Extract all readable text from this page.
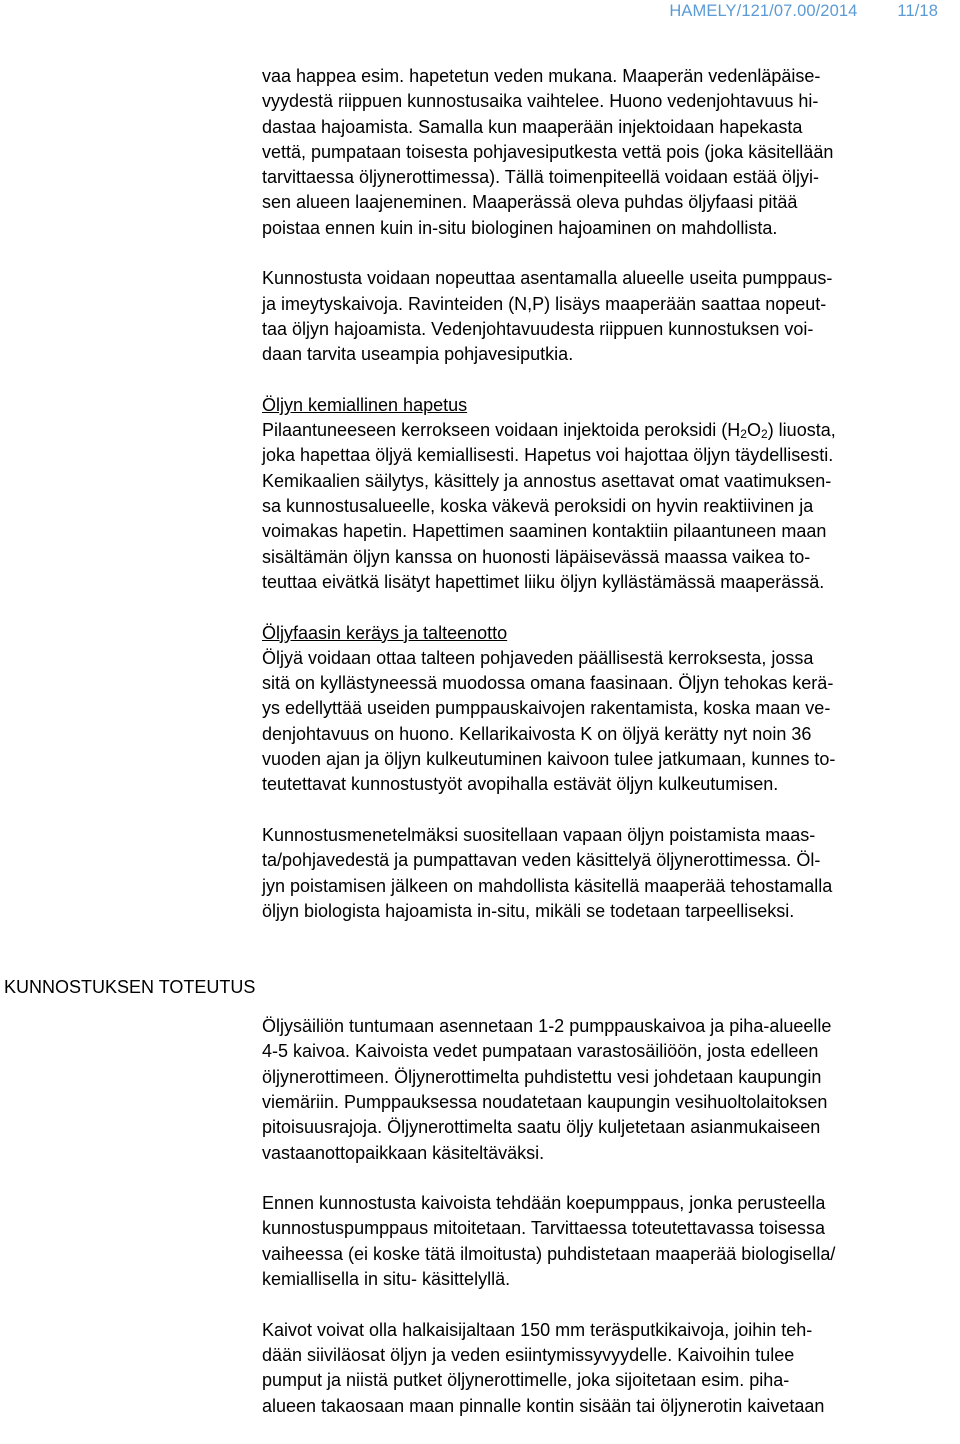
HAMELY/121/07.00/2014 11/18
KUNNOSTUKSEN TOTEUTUS
vaa happea esim. hapetetun veden mukana. Maaperän vedenläpäise-
vyydestä riippuen kunnostusaika vaihtelee. Huono vedenjohtavuus hi-
dastaa hajoamista. Samalla kun maaperään injektoidaan hapekasta
vettä, pumpataan toisesta pohjavesiputkesta vettä pois (joka käsitellään
tarvittaessa öljynerottimessa). Tällä toimenpiteellä voidaan estää öljyi-
sen alueen laajeneminen. Maaperässä oleva puhdas öljyfaasi pitää
poistaa ennen kuin in-situ biologinen hajoaminen on mahdollista.
Kunnostusta voidaan nopeuttaa asentamalla alueelle useita pumppaus-
ja imeytyskaivoja. Ravinteiden (N,P) lisäys maaperään saattaa nopeut-
taa öljyn hajoamista. Vedenjohtavuudesta riippuen kunnostuksen voi-
daan tarvita useampia pohjavesiputkia.
Öljyn kemiallinen hapetus
Pilaantuneeseen kerrokseen voidaan injektoida peroksidi $(H_2O_2)$ liuosta,
joka hapettaa öljyä kemiallisesti. Hapetus voi hajottaa öljyn täydellisesti.
Kemikaalien säilytys, käsittely ja annostus asettavat omat vaatimuksen-
sa kunnostusalueelle, koska väkevä peroksidi on hyvin reaktiivinen ja
voimakas hapetin. Hapettimen saaminen kontaktiin pilaantuneen maan
sisältämän öljyn kanssa on huonosti läpäisevässä maassa vaikea to-
teuttaa eivätkä lisätyt hapettimet liiku öljyn kyllästämässä maaperässä.
Öljyfaasin keräys ja talteenotto
Öljyä voidaan ottaa talteen pohjaveden päällisestä kerroksesta, jossa
sitä on kyllästyneessä muodossa omana faasinaan. Öljyn tehokas kerä-
ys edellyttää useiden pumppauskaivojen rakentamista, koska maan ve-
denjohtavuus on huono. Kellarikaivosta K on öljyä kerätty nyt noin 36
vuoden ajan ja öljyn kulkeutuminen kaivoon tulee jatkumaan, kunnes to-
teutettavat kunnostustyöt avopihalla estävät öljyn kulkeutumisen.
Kunnostusmenetelmäksi suositellaan vapaan öljyn poistamista maas-
ta/pohjavedestä ja pumpattavan veden käsittelyä öljynerottimessa. Öl-
jyn poistamisen jälkeen on mahdollista käsitellä maaperää tehostamalla
öljyn biologista hajoamista in-situ, mikäli se todetaan tarpeelliseksi.
Öljysäiliön tuntumaan asennetaan 1-2 pumppauskaivoa ja piha-alueelle
4-5 kaivoa. Kaivoista vedet pumpataan varastosäiliöön, josta edelleen
öljynerottimeen. Öljynerottimelta puhdistettu vesi johdetaan kaupungin
viemäriin. Pumppauksessa noudatetaan kaupungin vesihuoltolaitoksen
pitoisuusrajoja. Öljynerottimelta saatu öljy kuljetetaan asianmukaiseen
vastaanottopaikkaan käsiteltäväksi.
Ennen kunnostusta kaivoista tehdään koepumppaus, jonka perusteella
kunnostuspumppaus mitoitetaan. Tarvittaessa toteutettavassa toisessa
vaiheessa (ei koske tätä ilmoitusta) puhdistetaan maaperää biologisella/
kemiallisella in situ- käsittelyllä.
Kaivot voivat olla halkaisijaltaan 150 mm teräsputkikaivoja, joihin teh-
dään siiviläosat öljyn ja veden esiintymissyvyydelle. Kaivoihin tulee
pumput ja niistä putket öljynerottimelle, joka sijoitetaan esim. piha-
alueen takaosaan maan pinnalle kontin sisään tai öljynerotin kaivetaan
